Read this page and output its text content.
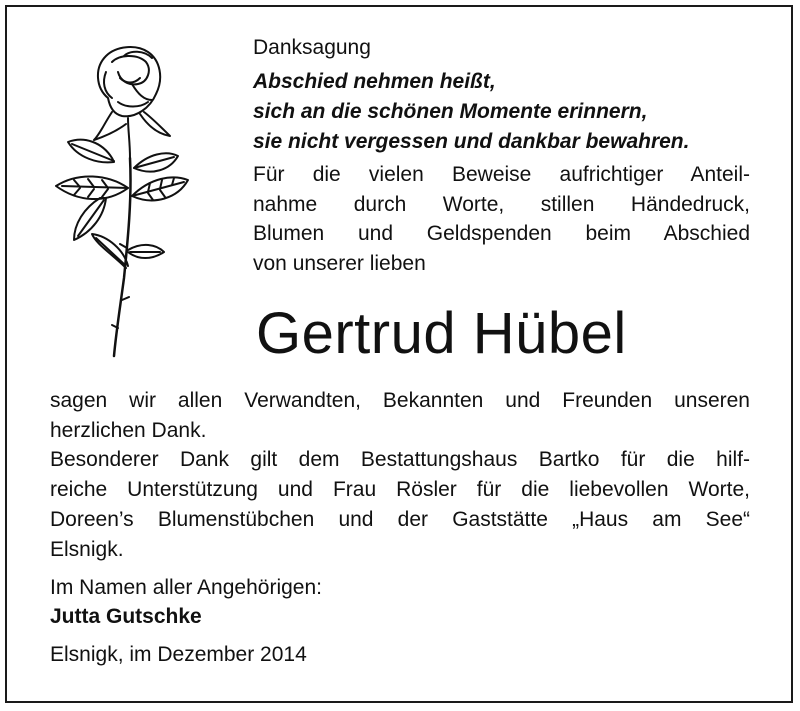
Danksagung
Abschied nehmen heißt,
sich an die schönen Momente erinnern,
sie nicht vergessen und dankbar bewahren.
Für die vielen Beweise aufrichtiger Anteil-
nahme durch Worte, stillen Händedruck,
Blumen und Geldspenden beim Abschied
von unserer lieben
Gertrud Hübel
sagen wir allen Verwandten, Bekannten und Freunden unseren
herzlichen Dank.
Besonderer Dank gilt dem Bestattungshaus Bartko für die hilf-
reiche Unterstützung und Frau Rösler für die liebevollen Worte,
Doreen’s Blumenstübchen und der Gaststätte „Haus am See“
Elsnigk.
Im Namen aller Angehörigen:
Jutta Gutschke
Elsnigk, im Dezember 2014
